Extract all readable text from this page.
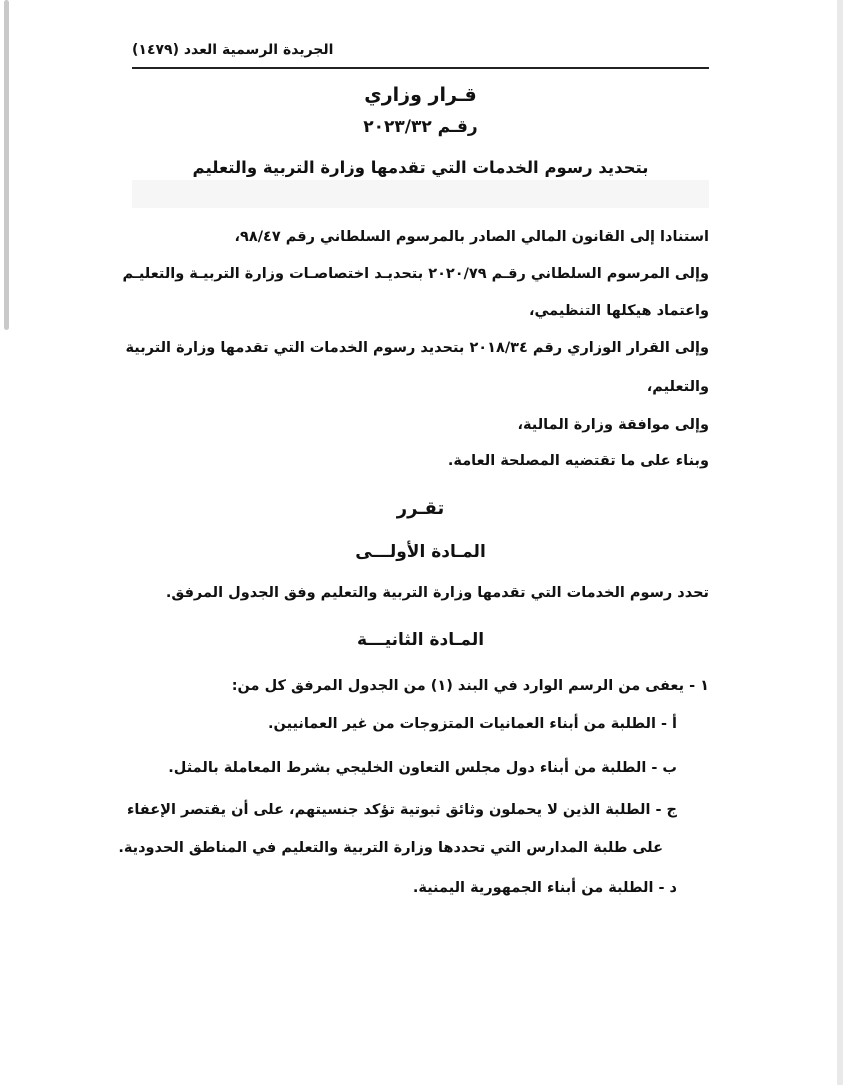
الجريدة الرسمية العدد (١٤٧٩)
قـرار وزاري
رقـم ٢٠٢٣/٣٢
بتحديد رسوم الخدمات التي تقدمها وزارة التربية والتعليم
استنادا إلى القانون المالي الصادر بالمرسوم السلطاني رقم ٩٨/٤٧،
وإلى المرسوم السلطاني رقـم ٢٠٢٠/٧٩ بتحديـد اختصاصـات وزارة التربيـة والتعليـم
واعتماد هيكلها التنظيمي،
وإلى القرار الوزاري رقم ٢٠١٨/٣٤ بتحديد رسوم الخدمات التي تقدمها وزارة التربية
والتعليم،
وإلى موافقة وزارة المالية،
وبناء على ما تقتضيه المصلحة العامة.
تقـرر
المـادة الأولـــى
تحدد رسوم الخدمات التي تقدمها وزارة التربية والتعليم وفق الجدول المرفق.
المـادة الثانيـــة
١ - يعفى من الرسم الوارد في البند (١) من الجدول المرفق كل من:
أ - الطلبة من أبناء العمانيات المتزوجات من غير العمانيين.
ب - الطلبة من أبناء دول مجلس التعاون الخليجي بشرط المعاملة بالمثل.
ج - الطلبة الذين لا يحملون وثائق ثبوتية تؤكد جنسيتهم، على أن يقتصر الإعفاء
على طلبة المدارس التي تحددها وزارة التربية والتعليم في المناطق الحدودية.
د - الطلبة من أبناء الجمهورية اليمنية.
